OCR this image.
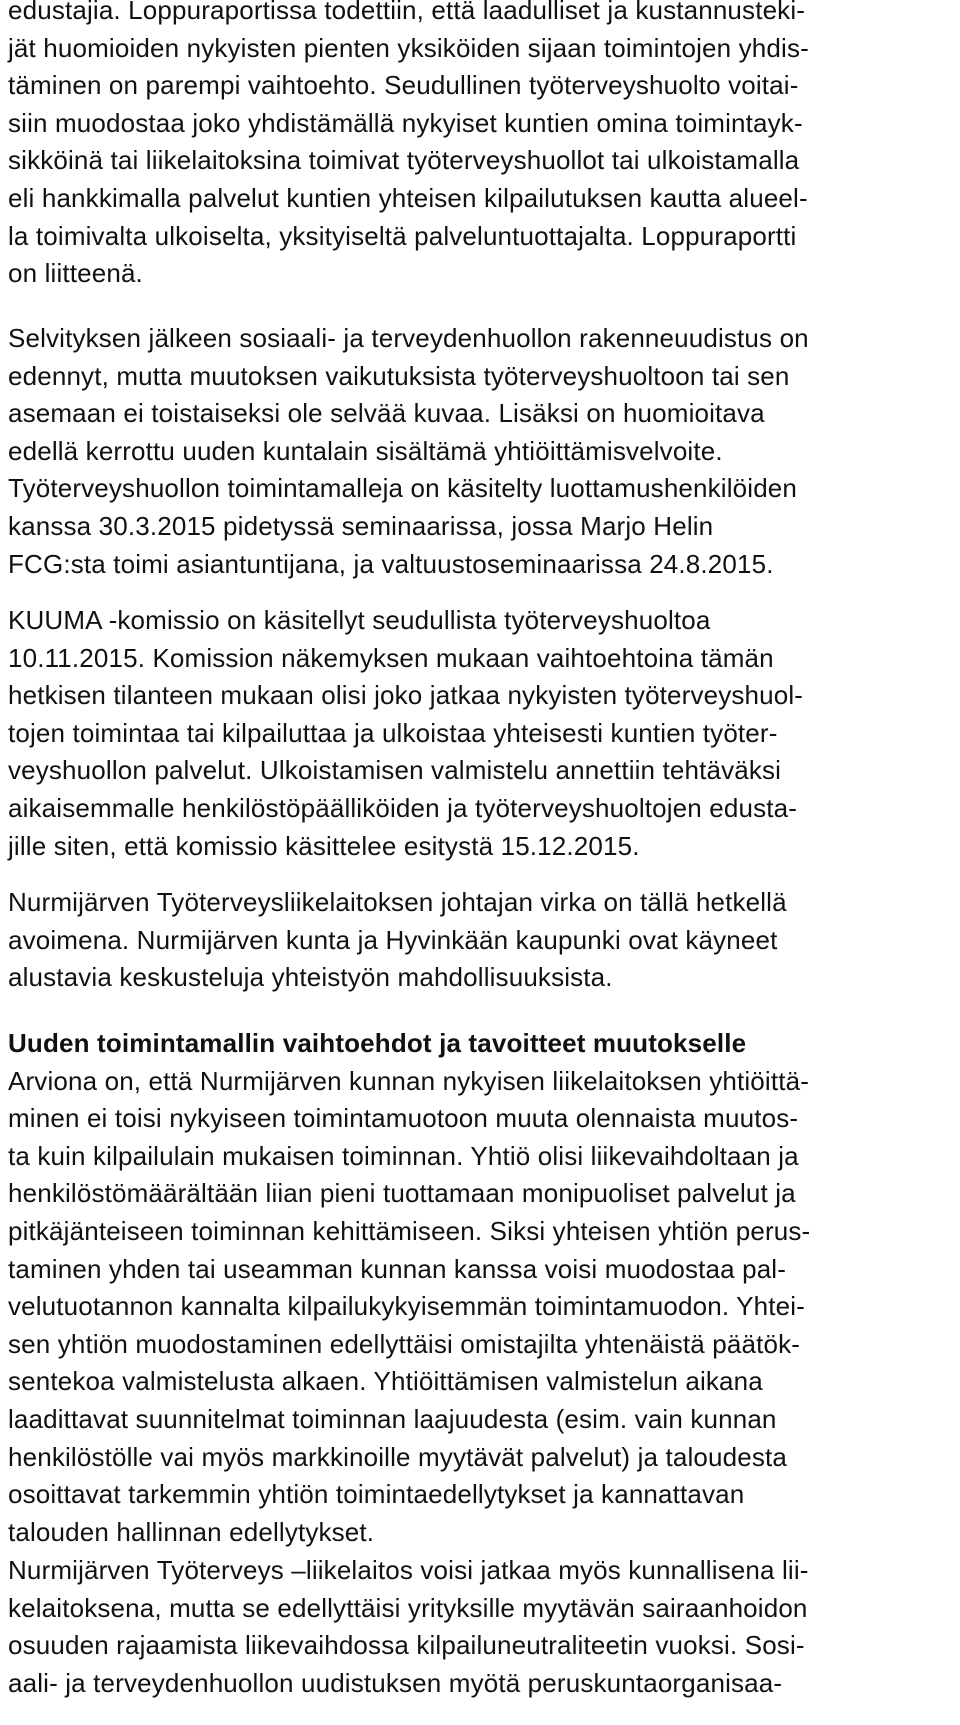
edustajia. Loppuraportissa todettiin, että laadulliset ja kustannusteki-
jät huomioiden nykyisten pienten yksiköiden sijaan toimintojen yhdis-
täminen on parempi vaihtoehto. Seudullinen työterveyshuolto voitai-
siin muodostaa joko yhdistämällä nykyiset kuntien omina toimintayk-
sikköinä tai liikelaitoksina toimivat työterveyshuollot tai ulkoistamalla
eli hankkimalla palvelut kuntien yhteisen kilpailutuksen kautta alueel-
la toimivalta ulkoiselta, yksityiseltä palveluntuottajalta. Loppuraportti
on liitteenä.
Selvityksen jälkeen sosiaali- ja terveydenhuollon rakenneuudistus on
edennyt, mutta muutoksen vaikutuksista työterveyshuoltoon tai sen
asemaan ei toistaiseksi ole selvää kuvaa. Lisäksi on huomioitava
edellä kerrottu uuden kuntalain sisältämä yhtiöittämisvelvoite.
Työterveyshuollon toimintamalleja on käsitelty luottamushenkilöiden
kanssa 30.3.2015 pidetyssä seminaarissa, jossa Marjo Helin
FCG:sta toimi asiantuntijana, ja valtuustoseminaarissa 24.8.2015.
KUUMA -komissio on käsitellyt seudullista työterveyshuoltoa
10.11.2015. Komission näkemyksen mukaan vaihtoehtoina tämän
hetkisen tilanteen mukaan olisi joko jatkaa nykyisten työterveyshuol-
tojen toimintaa tai kilpailuttaa ja ulkoistaa yhteisesti kuntien työter-
veyshuollon palvelut. Ulkoistamisen valmistelu annettiin tehtäväksi
aikaisemmalle henkilöstöpäälliköiden ja työterveyshuoltojen edusta-
jille siten, että komissio käsittelee esitystä 15.12.2015.
Nurmijärven Työterveysliikelaitoksen johtajan virka on tällä hetkellä
avoimena. Nurmijärven kunta ja Hyvinkään kaupunki ovat käyneet
alustavia keskusteluja yhteistyön mahdollisuuksista.
Uuden toimintamallin vaihtoehdot ja tavoitteet muutokselle
Arviona on, että Nurmijärven kunnan nykyisen liikelaitoksen yhtiöittä-
minen ei toisi nykyiseen toimintamuotoon muuta olennaista muutos-
ta kuin kilpailulain mukaisen toiminnan. Yhtiö olisi liikevaihdoltaan ja
henkilöstömäärältään liian pieni tuottamaan monipuoliset palvelut ja
pitkäjänteiseen toiminnan kehittämiseen. Siksi yhteisen yhtiön perus-
taminen yhden tai useamman kunnan kanssa voisi muodostaa pal-
velutuotannon kannalta kilpailukykyisemmän toimintamuodon. Yhtei-
sen yhtiön muodostaminen edellyttäisi omistajilta yhtenäistä päätök-
sentekoa valmistelusta alkaen. Yhtiöittämisen valmistelun aikana
laadittavat suunnitelmat toiminnan laajuudesta (esim. vain kunnan
henkilöstölle vai myös markkinoille myytävät palvelut) ja taloudesta
osoittavat tarkemmin yhtiön toimintaedellytykset ja kannattavan
talouden hallinnan edellytykset.
Nurmijärven Työterveys –liikelaitos voisi jatkaa myös kunnallisena lii-
kelaitoksena, mutta se edellyttäisi yrityksille myytävän sairaanhoidon
osuuden rajaamista liikevaihdossa kilpailuneutraliteetin vuoksi. Sosi-
aali- ja terveydenhuollon uudistuksen myötä peruskuntaorganisaa-
